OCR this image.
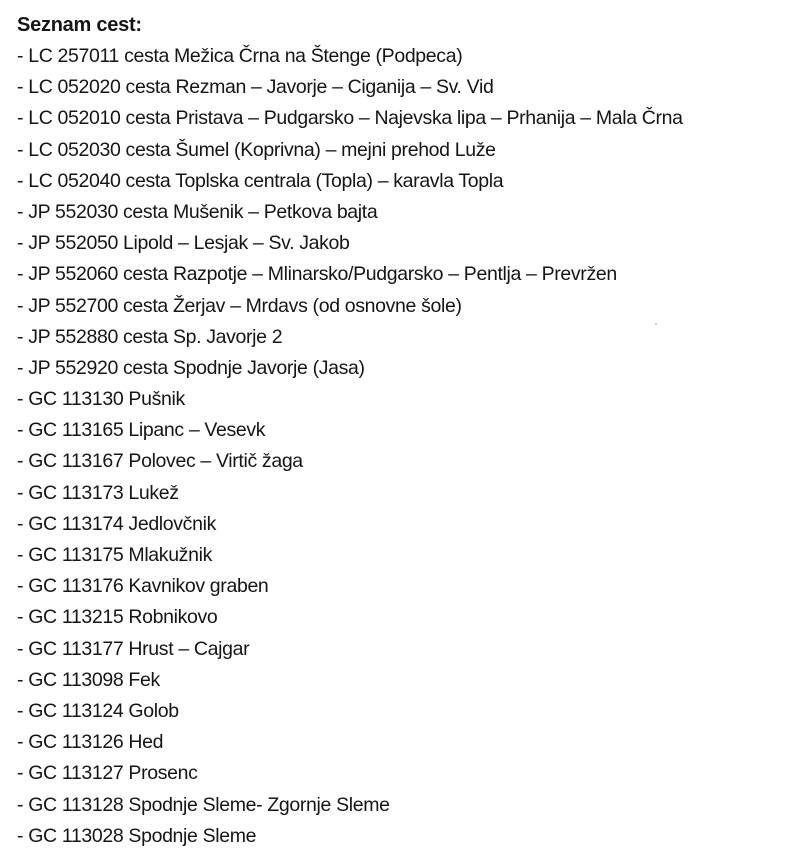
Seznam cest:
- LC 257011 cesta Mežica Črna na Štenge (Podpeca)
- LC 052020 cesta Rezman – Javorje – Ciganija – Sv. Vid
- LC 052010 cesta Pristava – Pudgarsko – Najevska lipa – Prhanija – Mala Črna
- LC 052030 cesta Šumel (Koprivna) – mejni prehod Luže
- LC 052040 cesta Toplska centrala (Topla) – karavla Topla
- JP 552030 cesta Mušenik – Petkova bajta
- JP 552050 Lipold – Lesjak – Sv. Jakob
- JP 552060 cesta Razpotje – Mlinarsko/Pudgarsko – Pentlja – Prevržen
- JP 552700 cesta Žerjav – Mrdavs (od osnovne šole)
- JP 552880 cesta Sp. Javorje 2
- JP 552920 cesta Spodnje Javorje (Jasa)
- GC 113130 Pušnik
- GC 113165 Lipanc – Vesevk
- GC 113167 Polovec – Virtič žaga
- GC 113173 Lukež
- GC 113174 Jedlovčnik
- GC 113175 Mlakužnik
- GC 113176 Kavnikov graben
- GC 113215 Robnikovo
- GC 113177 Hrust – Cajgar
- GC 113098 Fek
- GC 113124 Golob
- GC 113126 Hed
- GC 113127 Prosenc
- GC 113128 Spodnje Sleme- Zgornje Sleme
- GC 113028 Spodnje Sleme
